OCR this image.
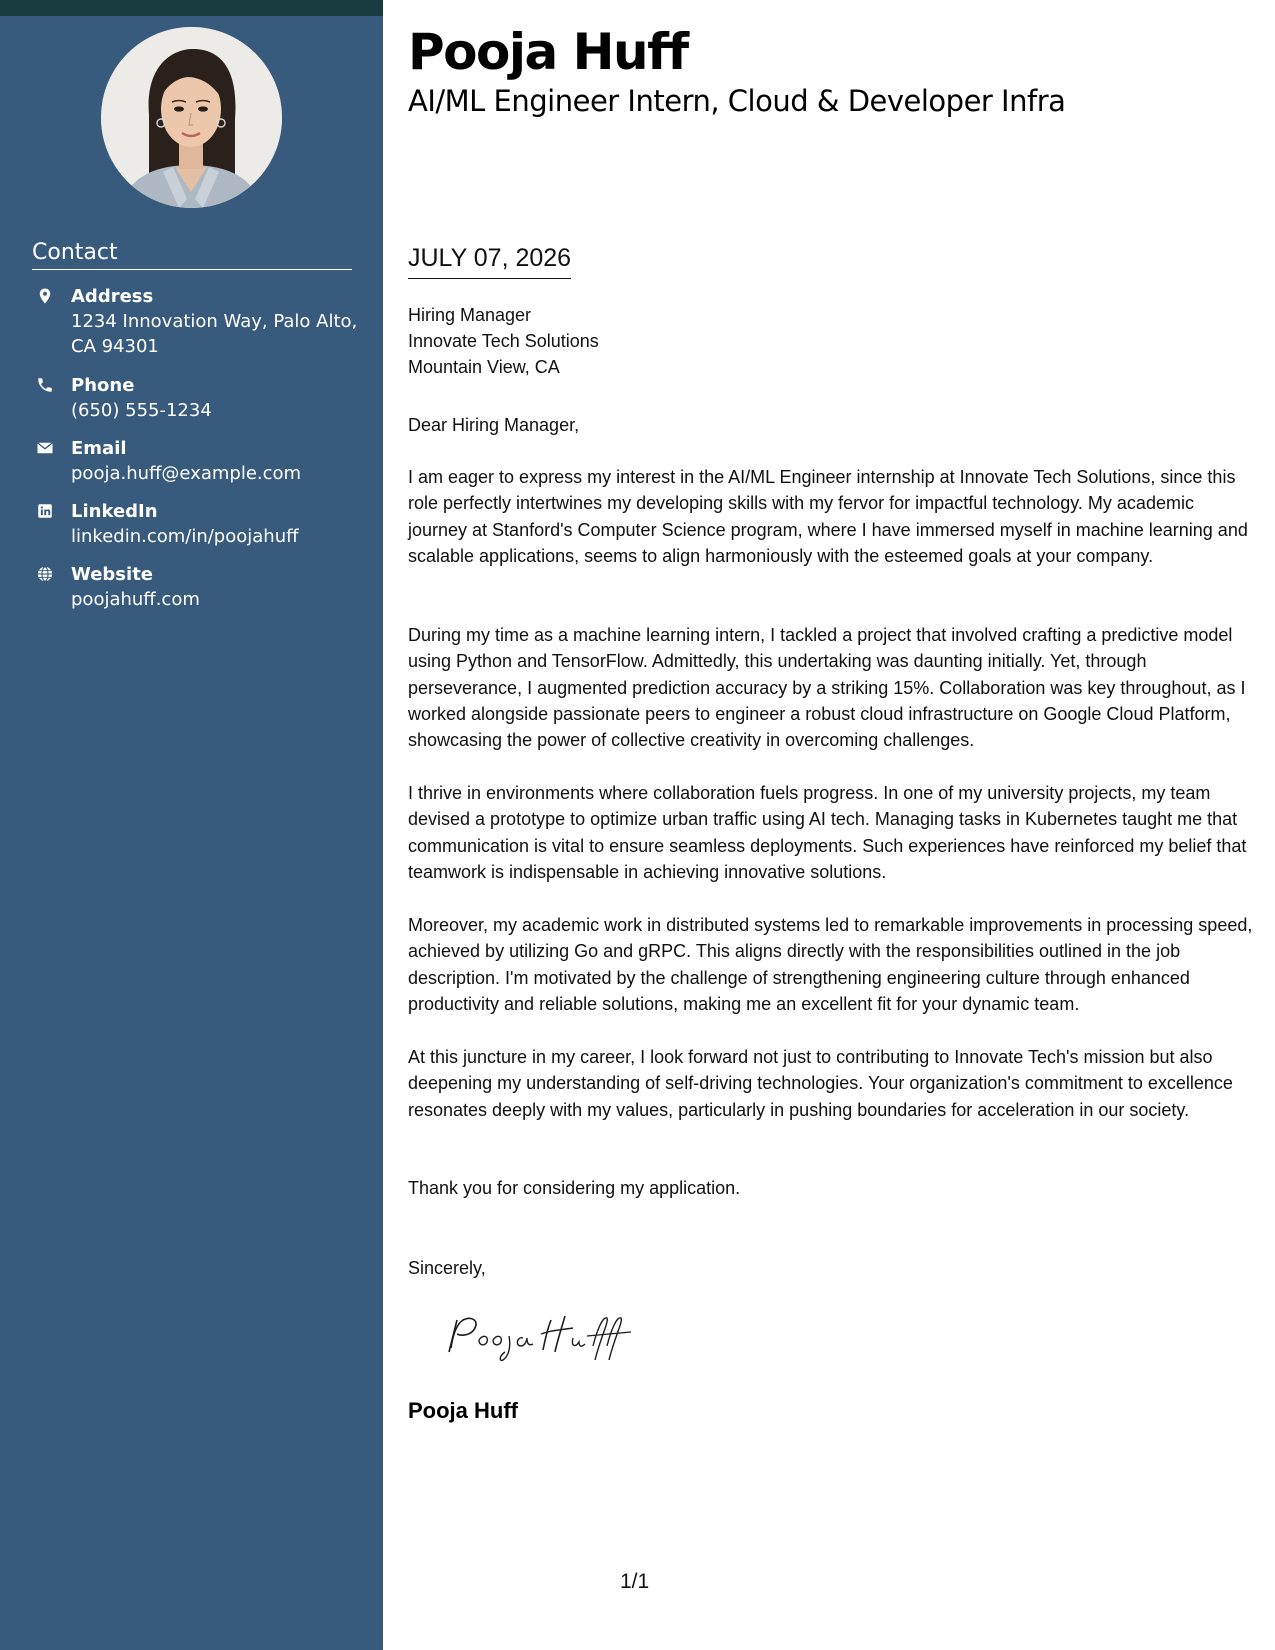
Contact
Address
1234 Innovation Way, Palo Alto, CA 94301
Phone
(650) 555-1234
Email
pooja.huff@example.com
LinkedIn
linkedin.com/in/poojahuff
Website
poojahuff.com
Pooja Huff
AI/ML Engineer Intern, Cloud & Developer Infra
JULY 07, 2026
Hiring Manager
Innovate Tech Solutions
Mountain View, CA

Dear Hiring Manager,

I am eager to express my interest in the AI/ML Engineer internship at Innovate Tech Solutions, since this role perfectly intertwines my developing skills with my fervor for impactful technology. My academic journey at Stanford's Computer Science program, where I have immersed myself in machine learning and scalable applications, seems to align harmoniously with the esteemed goals at your company.

During my time as a machine learning intern, I tackled a project that involved crafting a predictive model using Python and TensorFlow. Admittedly, this undertaking was daunting initially. Yet, through perseverance, I augmented prediction accuracy by a striking 15%. Collaboration was key throughout, as I worked alongside passionate peers to engineer a robust cloud infrastructure on Google Cloud Platform, showcasing the power of collective creativity in overcoming challenges.

I thrive in environments where collaboration fuels progress. In one of my university projects, my team devised a prototype to optimize urban traffic using AI tech. Managing tasks in Kubernetes taught me that communication is vital to ensure seamless deployments. Such experiences have reinforced my belief that teamwork is indispensable in achieving innovative solutions.

Moreover, my academic work in distributed systems led to remarkable improvements in processing speed, achieved by utilizing Go and gRPC. This aligns directly with the responsibilities outlined in the job description. I'm motivated by the challenge of strengthening engineering culture through enhanced productivity and reliable solutions, making me an excellent fit for your dynamic team.

At this juncture in my career, I look forward not just to contributing to Innovate Tech's mission but also deepening my understanding of self-driving technologies. Your organization's commitment to excellence resonates deeply with my values, particularly in pushing boundaries for acceleration in our society.

Thank you for considering my application.

Sincerely,

Pooja Huff

1/1
